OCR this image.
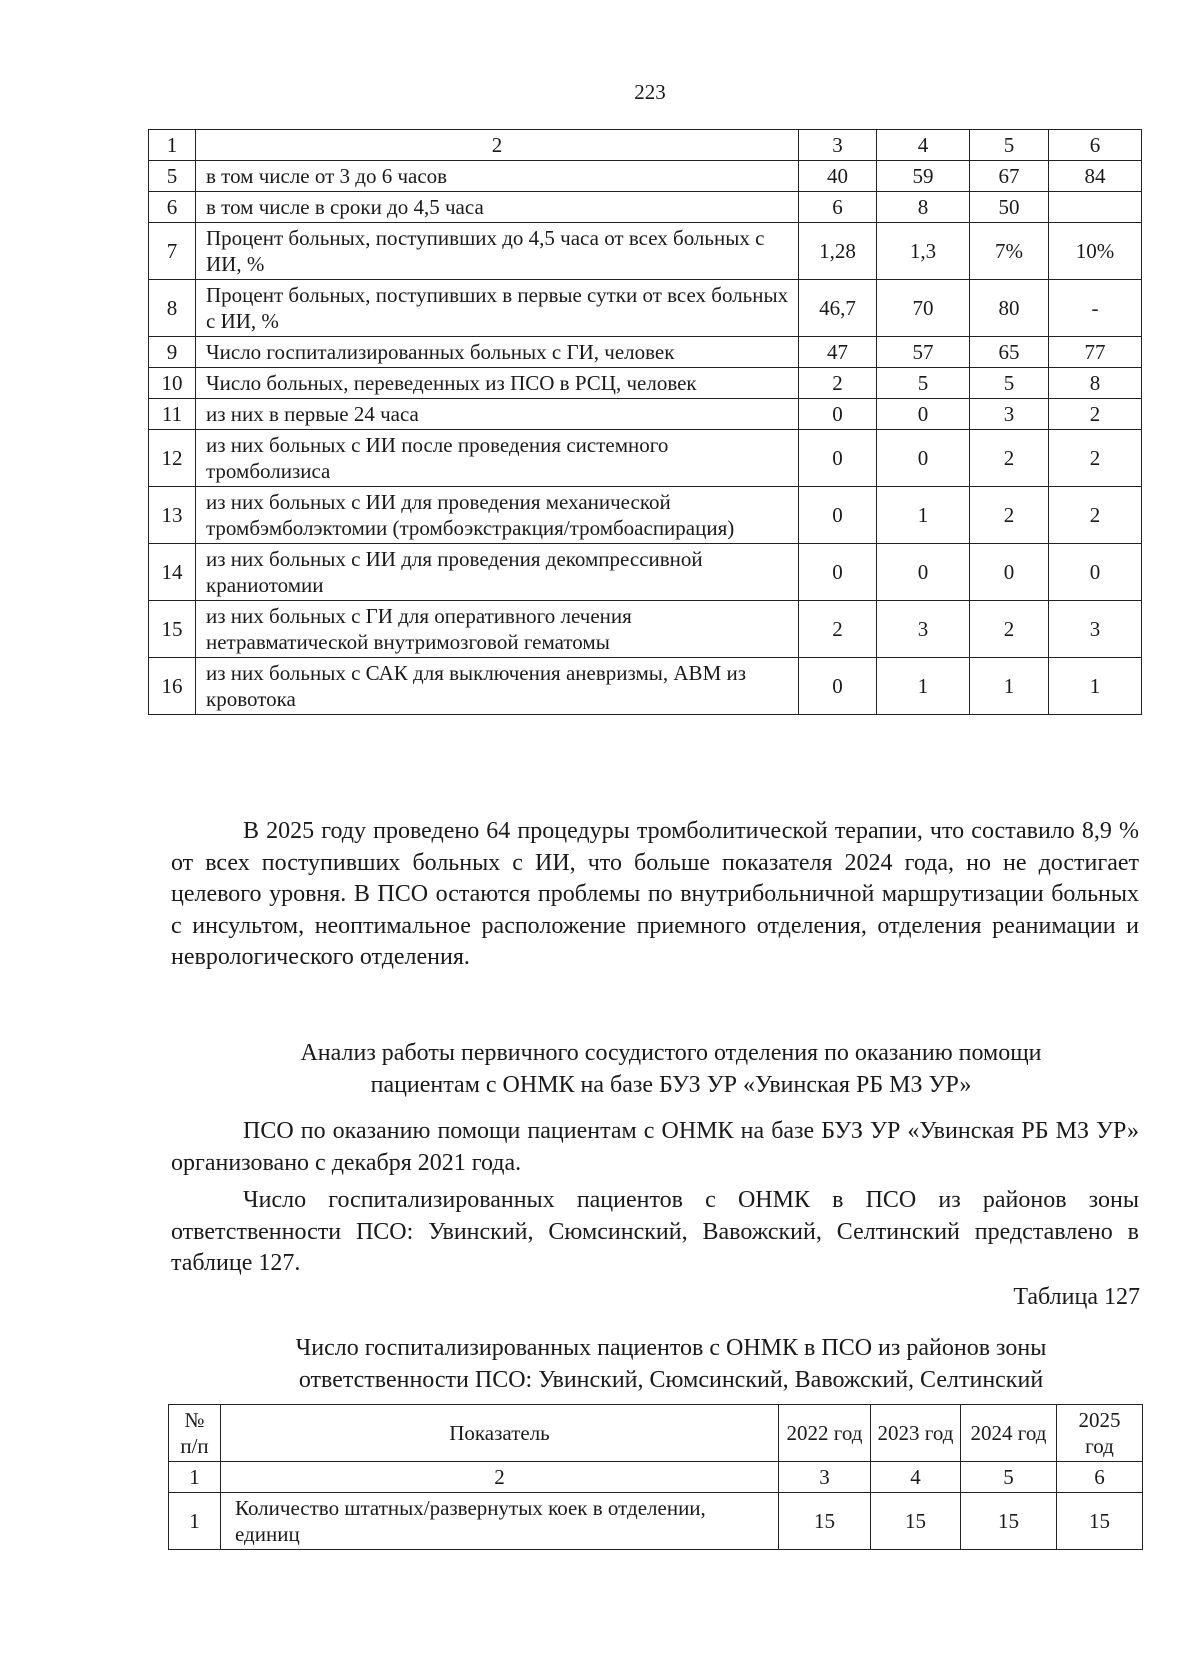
223
1	2	3	4	5	6
5	в том числе от 3 до 6 часов	40	59	67	84
6	в том числе в сроки до 4,5 часа	6	8	50	
7	Процент больных, поступивших до 4,5 часа от всех больных с ИИ, %	1,28	1,3	7%	10%
8	Процент больных, поступивших в первые сутки от всех больных с ИИ, %	46,7	70	80	-
9	Число госпитализированных больных с ГИ, человек	47	57	65	77
10	Число больных, переведенных из ПСО в РСЦ, человек	2	5	5	8
11	из них в первые 24 часа	0	0	3	2
12	из них больных с ИИ после проведения системного тромболизиса	0	0	2	2
13	из них больных с ИИ для проведения механической тромбэмболэктомии (тромбоэкстракция/тромбоаспирация)	0	1	2	2
14	из них больных с ИИ для проведения декомпрессивной краниотомии	0	0	0	0
15	из них больных с ГИ для оперативного лечения нетравматической внутримозговой гематомы	2	3	2	3
16	из них больных с САК для выключения аневризмы, АВМ из кровотока	0	1	1	1
В 2025 году проведено 64 процедуры тромболитической терапии, что составило 8,9 % от всех поступивших больных с ИИ, что больше показателя 2024 года, но не достигает целевого уровня. В ПСО остаются проблемы по внутрибольничной маршрутизации больных с инсультом, неоптимальное расположение приемного отделения, отделения реанимации и неврологического отделения.
Анализ работы первичного сосудистого отделения по оказанию помощи
пациентам с ОНМК на базе БУЗ УР «Увинская РБ МЗ УР»
ПСО по оказанию помощи пациентам с ОНМК на базе БУЗ УР «Увинская РБ МЗ УР» организовано с декабря 2021 года.
Число госпитализированных пациентов с ОНМК в ПСО из районов зоны ответственности ПСО: Увинский, Сюмсинский, Вавожский, Селтинский представлено в таблице 127.
Таблица 127
Число госпитализированных пациентов с ОНМК в ПСО из районов зоны
ответственности ПСО: Увинский, Сюмсинский, Вавожский, Селтинский
№ п/п	Показатель	2022 год	2023 год	2024 год	2025 год
1	2	3	4	5	6
1	Количество штатных/развернутых коек в отделении, единиц	15	15	15	15
